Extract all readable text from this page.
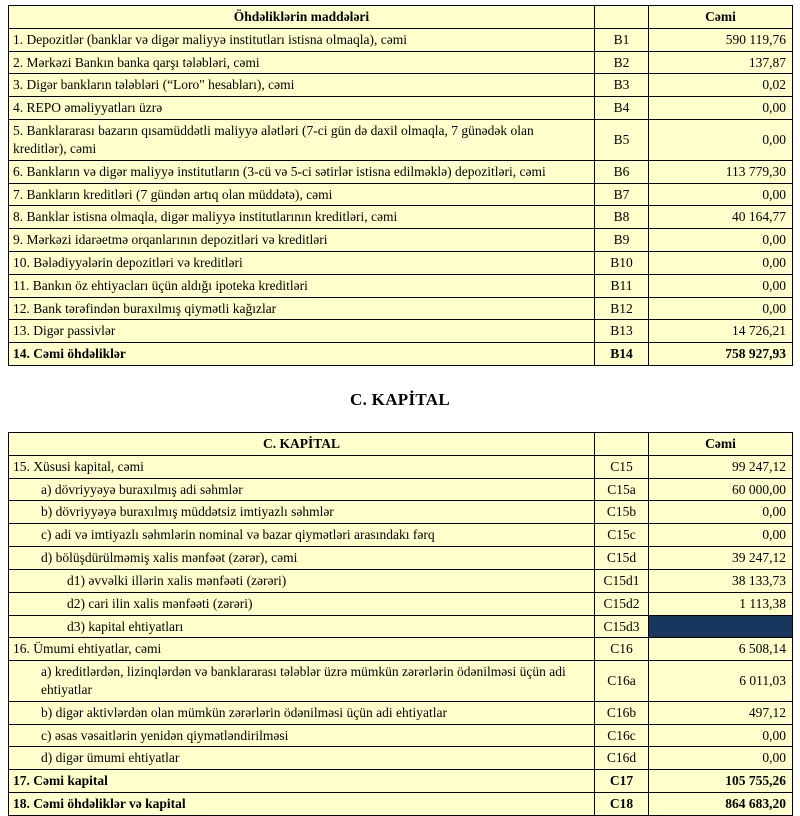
Öhdəliklərin maddələri		Cəmi
1. Depozitlər (banklar və digər maliyyə institutları istisna olmaqla), cəmi	B1	590 119,76
2. Mərkəzi Bankın banka qarşı tələbləri, cəmi	B2	137,87
3. Digər bankların tələbləri (“Loro" hesabları), cəmi	B3	0,02
4. REPO əməliyyatları üzrə	B4	0,00
5. Banklararası bazarın qısamüddətli maliyyə alətləri (7-ci gün də daxil olmaqla, 7 günədək olan kreditlər), cəmi	B5	0,00
6. Bankların və digər maliyyə institutların (3-cü və 5-ci sətirlər istisna edilməklə) depozitləri, cəmi	B6	113 779,30
7. Bankların kreditləri (7 gündən artıq olan müddətə), cəmi	B7	0,00
8. Banklar istisna olmaqla, digər maliyyə institutlarının kreditləri, cəmi	B8	40 164,77
9. Mərkəzi idarəetmə orqanlarının depozitləri və kreditləri	B9	0,00
10. Bələdiyyələrin depozitləri və kreditləri	B10	0,00
11. Bankın öz ehtiyacları üçün aldığı ipoteka kreditləri	B11	0,00
12. Bank tərəfindən buraxılmış qiymətli kağızlar	B12	0,00
13. Digər passivlər	B13	14 726,21
14. Cəmi öhdəliklər	B14	758 927,93
C. KAPİTAL
C. KAPİTAL		Cəmi
15. Xüsusi kapital, cəmi	C15	99 247,12
a) dövriyyəyə buraxılmış adi səhmlər	C15a	60 000,00
b) dövriyyəyə buraxılmış müddətsiz imtiyazlı səhmlər	C15b	0,00
c) adi və imtiyazlı səhmlərin nominal və bazar qiymətləri arasındakı fərq	C15c	0,00
d) bölüşdürülməmiş xalis mənfəət (zərər), cəmi	C15d	39 247,12
d1) əvvəlki illərin xalis mənfəəti (zərəri)	C15d1	38 133,73
d2) cari ilin xalis mənfəəti (zərəri)	C15d2	1 113,38
d3) kapital ehtiyatları	C15d3	
16. Ümumi ehtiyatlar, cəmi	C16	6 508,14
a) kreditlərdən, lizinqlərdən və banklararası tələblər üzrə mümkün zərərlərin ödənilməsi üçün adi ehtiyatlar	C16a	6 011,03
b) digər aktivlərdən olan mümkün zərərlərin ödənilməsi üçün adi ehtiyatlar	C16b	497,12
c) əsas vəsaitlərin yenidən qiymətləndirilməsi	C16c	0,00
d) digər ümumi ehtiyatlar	C16d	0,00
17. Cəmi kapital	C17	105 755,26
18. Cəmi öhdəliklər və kapital	C18	864 683,20
